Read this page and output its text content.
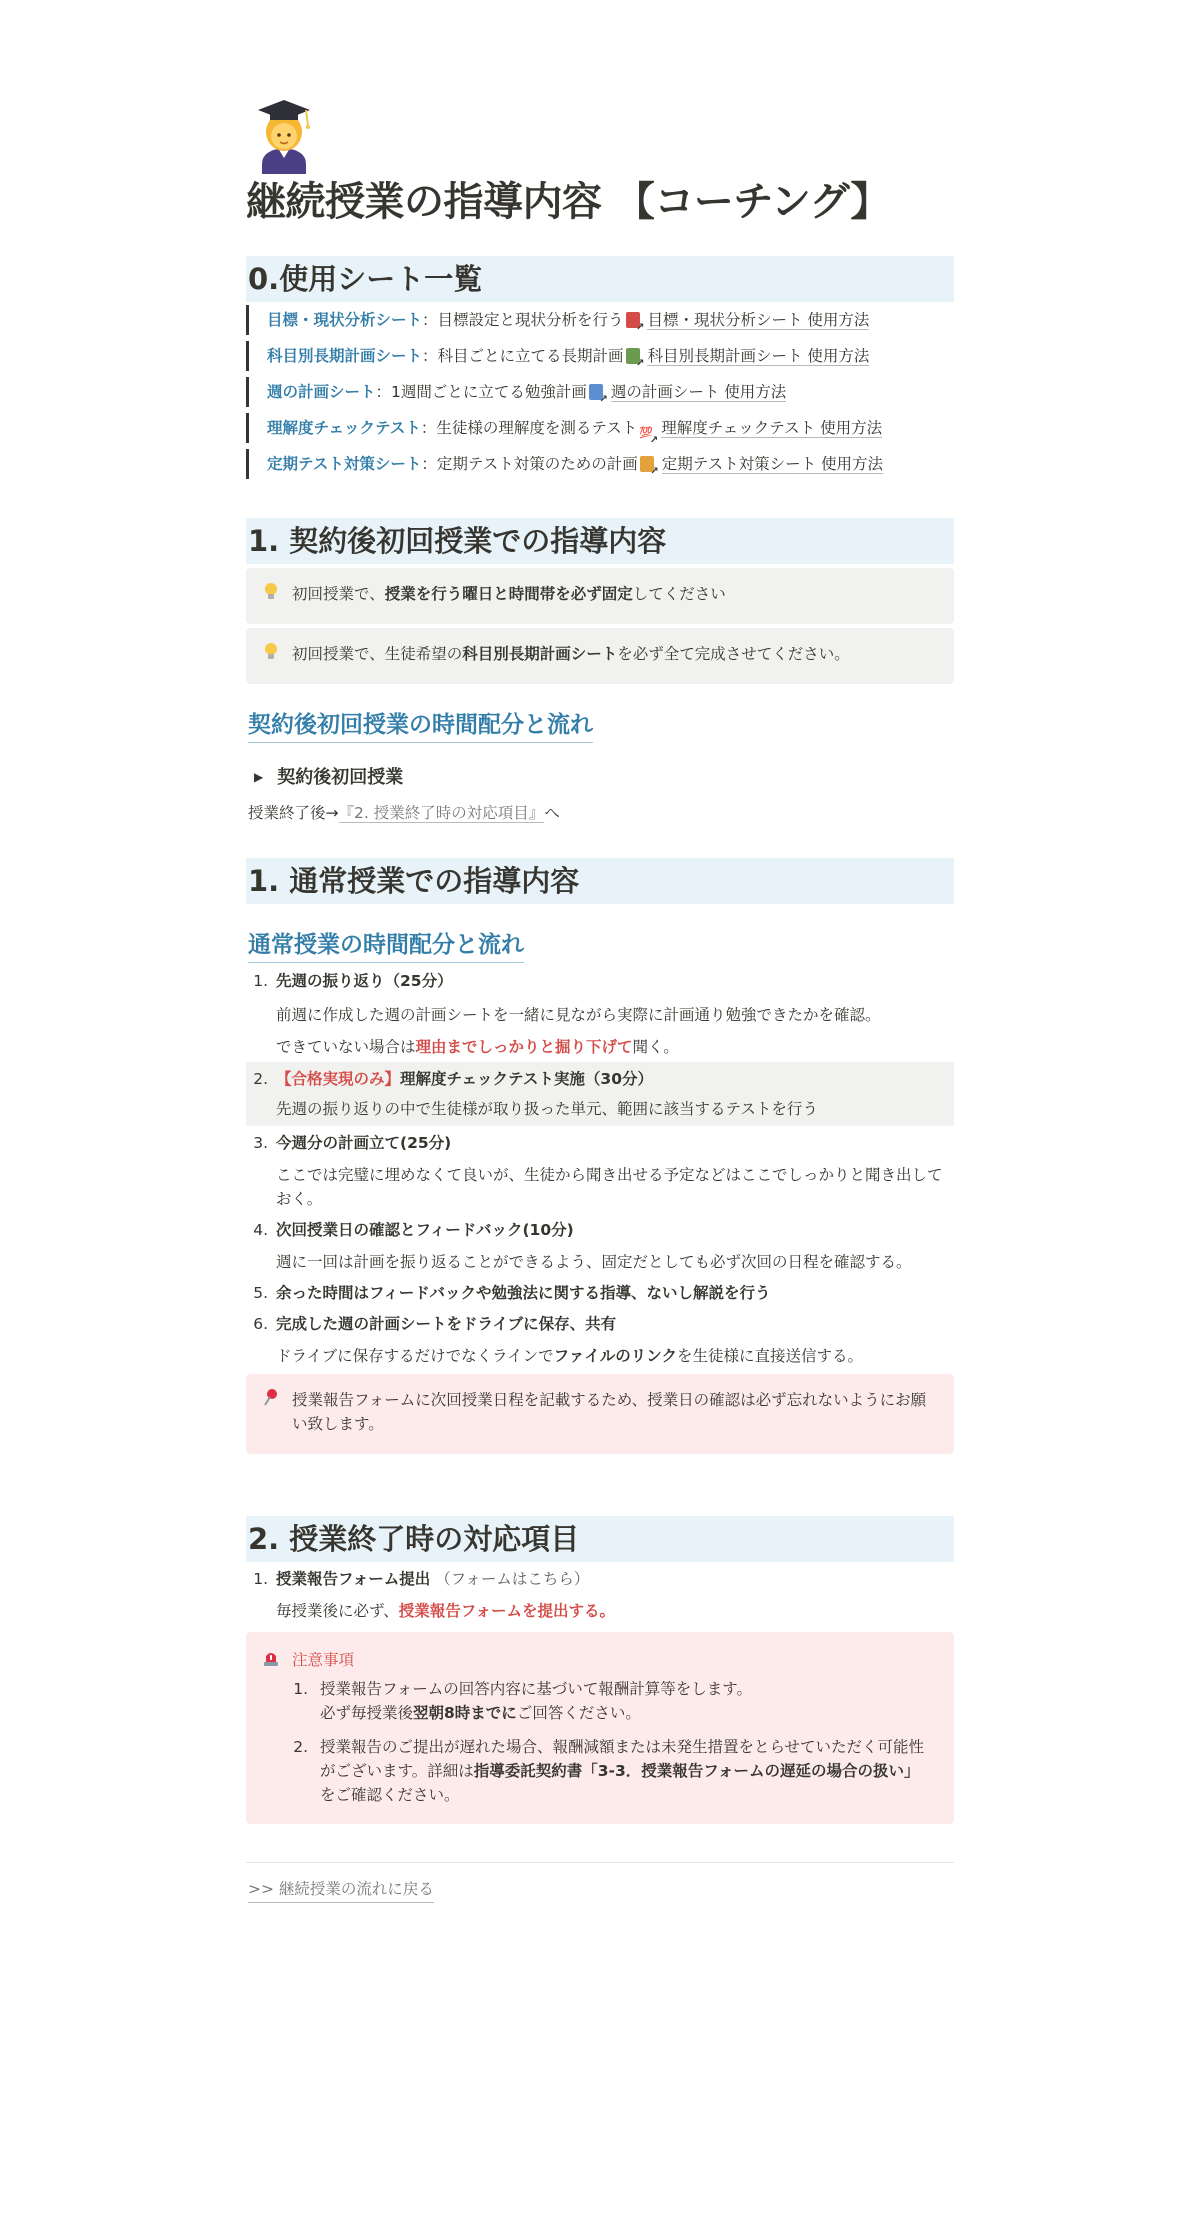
継続授業の指導内容 【コーチング】
0.使用シート一覧
目標・現状分析シート：目標設定と現状分析を行う ↗ 目標・現状分析シート 使用方法
科目別長期計画シート：科目ごとに立てる長期計画 ↗ 科目別長期計画シート 使用方法
週の計画シート：1週間ごとに立てる勉強計画 ↗ 週の計画シート 使用方法
理解度チェックテスト：生徒様の理解度を測るテスト 💯 ↗ 理解度チェックテスト 使用方法
定期テスト対策シート：定期テスト対策のための計画 ↗ 定期テスト対策シート 使用方法
1. 契約後初回授業での指導内容
初回授業で、授業を行う曜日と時間帯を必ず固定してください
初回授業で、生徒希望の科目別長期計画シートを必ず全て完成させてください。
契約後初回授業の時間配分と流れ
▶ 契約後初回授業
授業終了後→『2. 授業終了時の対応項目』へ
1. 通常授業での指導内容
通常授業の時間配分と流れ
1. 先週の振り返り（25分）
前週に作成した週の計画シートを一緒に見ながら実際に計画通り勉強できたかを確認。
できていない場合は理由までしっかりと掘り下げて聞く。
2. 【合格実現のみ】理解度チェックテスト実施（30分）
先週の振り返りの中で生徒様が取り扱った単元、範囲に該当するテストを行う
3. 今週分の計画立て(25分)
ここでは完璧に埋めなくて良いが、生徒から聞き出せる予定などはここでしっかりと聞き出しておく。
4. 次回授業日の確認とフィードバック(10分)
週に一回は計画を振り返ることができるよう、固定だとしても必ず次回の日程を確認する。
5. 余った時間はフィードバックや勉強法に関する指導、ないし解説を行う
6. 完成した週の計画シートをドライブに保存、共有
ドライブに保存するだけでなくラインでファイルのリンクを生徒様に直接送信する。
授業報告フォームに次回授業日程を記載するため、授業日の確認は必ず忘れないようにお願い致します。
2. 授業終了時の対応項目
1. 授業報告フォーム提出 （フォームはこちら）
毎授業後に必ず、授業報告フォームを提出する。
注意事項
1. 授業報告フォームの回答内容に基づいて報酬計算等をします。
必ず毎授業後翌朝8時までにご回答ください。
2. 授業報告のご提出が遅れた場合、報酬減額または未発生措置をとらせていただく可能性がございます。詳細は指導委託契約書「3-3．授業報告フォームの遅延の場合の扱い」をご確認ください。
>> 継続授業の流れに戻る
